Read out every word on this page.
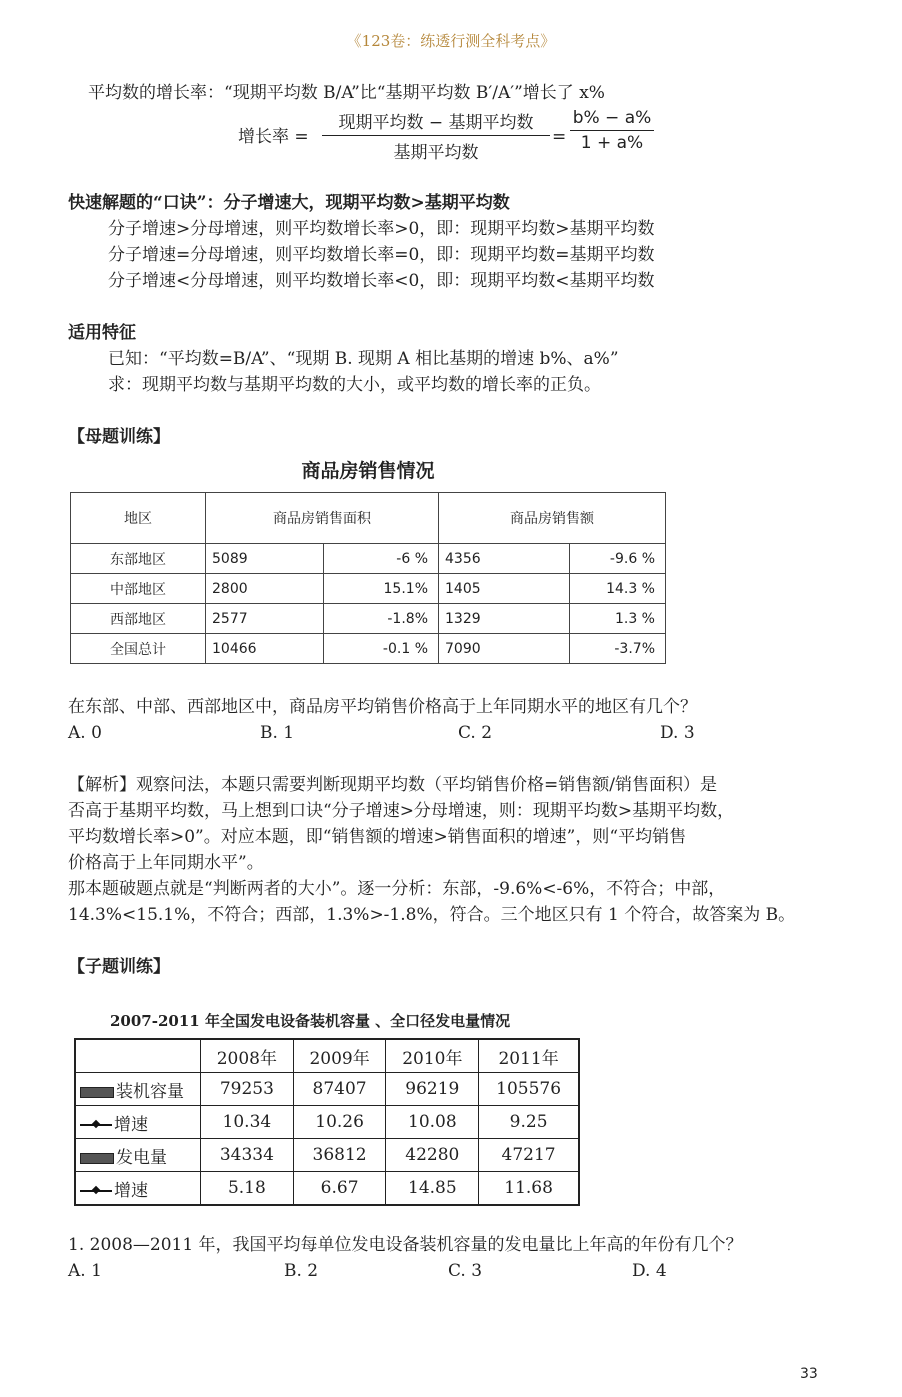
《123卷：练透行测全科考点》
平均数的增长率：“现期平均数 B/A”比“基期平均数 B′/A′”增长了 x%
增长率 =
现期平均数 − 基期平均数
基期平均数
= $\frac{b\% - a\%}{1 + a\%}$
快速解题的“口诀”：分子增速大，现期平均数>基期平均数
分子增速>分母增速，则平均数增长率>0，即：现期平均数>基期平均数
分子增速=分母增速，则平均数增长率=0，即：现期平均数=基期平均数
分子增速<分母增速，则平均数增长率<0，即：现期平均数<基期平均数
适用特征
已知：“平均数=B/A”、“现期 B. 现期 A 相比基期的增速 b%、a%”
求：现期平均数与基期平均数的大小，或平均数的增长率的正负。
【母题训练】
商品房销售情况
地区	商品房销售面积		商品房销售额	
东部地区	5089	-6 %	4356	-9.6 %
中部地区	2800	15.1%	1405	14.3 %
西部地区	2577	-1.8%	1329	1.3 %
全国总计	10466	-0.1 %	7090	-3.7%
在东部、中部、西部地区中，商品房平均销售价格高于上年同期水平的地区有几个？
A. 0	B. 1	C. 2	D. 3
【解析】观察问法，本题只需要判断现期平均数（平均销售价格=销售额/销售面积）是
否高于基期平均数，马上想到口诀“分子增速>分母增速，则：现期平均数>基期平均数，
平均数增长率>0”。对应本题，即“销售额的增速>销售面积的增速”，则“平均销售
价格高于上年同期水平”。
那本题破题点就是“判断两者的大小”。逐一分析：东部，-9.6%<-6%，不符合；中部，
14.3%<15.1%，不符合；西部，1.3%>-1.8%，符合。三个地区只有 1 个符合，故答案为 B。
【子题训练】
2007-2011 年全国发电设备装机容量 、全口径发电量情况
	2008年	2009年	2010年	2011年
装机容量	79253	87407	96219	105576
增速	10.34	10.26	10.08	9.25
发电量	34334	36812	42280	47217
增速	5.18	6.67	14.85	11.68
1. 2008—2011 年，我国平均每单位发电设备装机容量的发电量比上年高的年份有几个？
A. 1	B. 2	C. 3	D. 4
33
